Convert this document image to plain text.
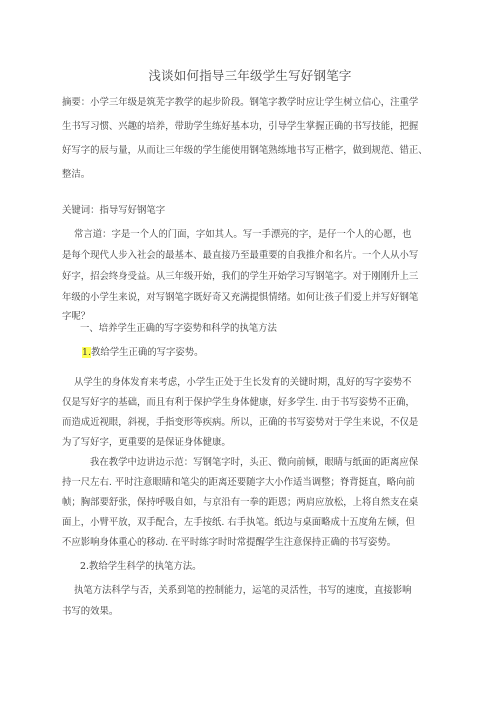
浅谈如何指导三年级学生写好钢笔字
摘要：小学三年级是筑芜字教学的起步阶段。钢笔字教学时应让学生树立信心，注重学
生书写习惯、兴趣的培养，带助学生练好基本功，引导学生掌握正确的书写技能，把握
好写字的辰与量，从而让三年级的学生能使用钢笔熟练地书写正楷字，做到规范、错正、
整洁。
关键词：指导写好钢笔字
常言道：字是一个人的门面，字如其人。写一手漂亮的字，是仔一个人的心愿，也
是每个现代人步入社会的最基本、最直接乃至最重要的自我推介和名片。一个人从小写
好字，招会终身受益。从三年级开始，我们的学生开始学习写钢笔字。对于刚刚升上三
年级的小学生来说，对写钢笔字既好奇又充满提惧情绪。如何让孩子们爱上并写好钢笔
字呢？
一、培养学生正确的写字姿势和科学的执笔方法
1.教给学生正确的写字姿势。
从学生的身体发育来考虑，小学生正处于生长发育的关键时期，乱好的写字姿势不
仅是写好字的基础，而且有利于保护学生身体健康，好多学生. 由于书写姿势不正确，
而造成近视眼，斜视，手指变形等疾病。所以，正确的书写姿势对于学生来说，不仅是
为了写好字，更重要的是保证身体健康。
我在教学中边讲边示范：写钢笔字时，头正、微向前倾，眼睛与纸面的距离应保
持一尺左右. 平时注意眼睛和笔尖的距离还要随字大小作适当调整；脊背挺直，略向前
帧；胸部要舒张，保持呼吸自如，与京沿有一拳的距恩；两肩应放松，上将自然支在桌
面上，小臂平放，双手配合，左手按纸. 右手执笔。纸边与桌面略成十五度角左倾，但
不应影响身体重心的移动. 在平时练字时时常提醒学生注意保持正确的书写姿势。
2.教给学生科学的执笔方法。
执笔方法科学与否，关系到笔的控制能力，运笔的灵活性，书写的速度，直接影响
书写的效果。
